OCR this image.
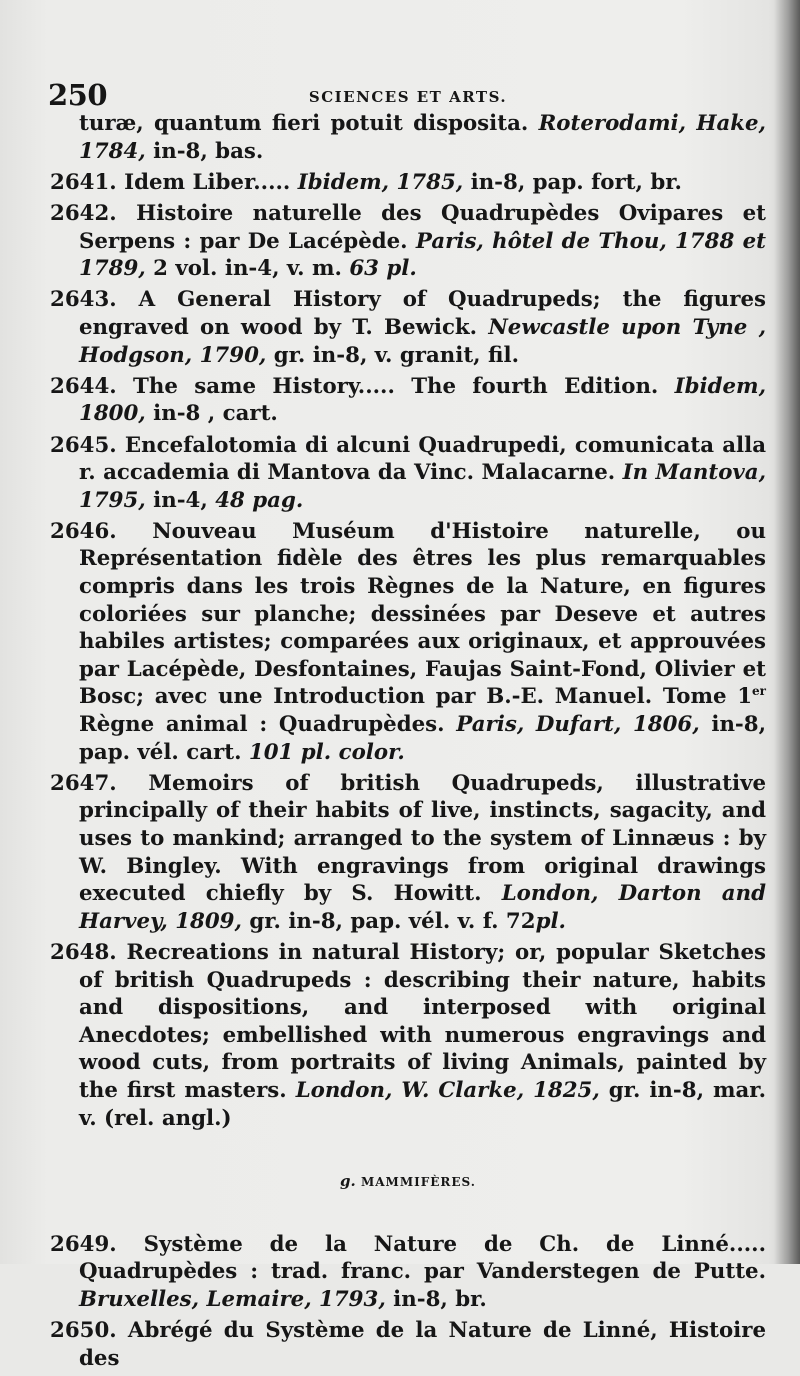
250	SCIENCES ET ARTS.

turæ, quantum fieri potuit disposita. Roterodami, Hake, 1784, in-8, bas.

2641. Idem Liber..... Ibidem, 1785, in-8, pap. fort, br.

2642. Histoire naturelle des Quadrupèdes Ovipares et Serpens : par De Lacépède. Paris, hôtel de Thou, 1788 et 1789, 2 vol. in-4, v. m. 63 pl.

2643. A General History of Quadrupeds; the figures engraved on wood by T. Bewick. Newcastle upon Tyne , Hodgson, 1790, gr. in-8, v. granit, fil.

2644. The same History..... The fourth Edition. Ibidem, 1800, in-8 , cart.

2645. Encefalotomia di alcuni Quadrupedi, comunicata alla r. accademia di Mantova da Vinc. Malacarne. In Mantova, 1795, in-4, 48 pag.

2646. Nouveau Muséum d'Histoire naturelle, ou Représentation fidèle des êtres les plus remarquables compris dans les trois Règnes de la Nature, en figures coloriées sur planche; dessinées par Deseve et autres habiles artistes; comparées aux originaux, et approuvées par Lacépède, Desfontaines, Faujas Saint-Fond, Olivier et Bosc; avec une Introduction par B.-E. Manuel. Tome 1er Règne animal : Quadrupèdes. Paris, Dufart, 1806, in-8, pap. vél. cart. 101 pl. color.

2647. Memoirs of british Quadrupeds, illustrative principally of their habits of live, instincts, sagacity, and uses to mankind; arranged to the system of Linnæus : by W. Bingley. With engravings from original drawings executed chiefly by S. Howitt. London, Darton and Harvey, 1809, gr. in-8, pap. vél. v. f. 72pl.

2648. Recreations in natural History; or, popular Sketches of british Quadrupeds : describing their nature, habits and dispositions, and interposed with original Anecdotes; embellished with numerous engravings and wood cuts, from portraits of living Animals, painted by the first masters. London, W. Clarke, 1825, gr. in-8, mar. v. (rel. angl.)

g. MAMMIFÈRES.

2649. Système de la Nature de Ch. de Linné..... Quadrupèdes : trad. franc. par Vanderstegen de Putte. Bruxelles, Lemaire, 1793, in-8, br.

2650. Abrégé du Système de la Nature de Linné, Histoire des
